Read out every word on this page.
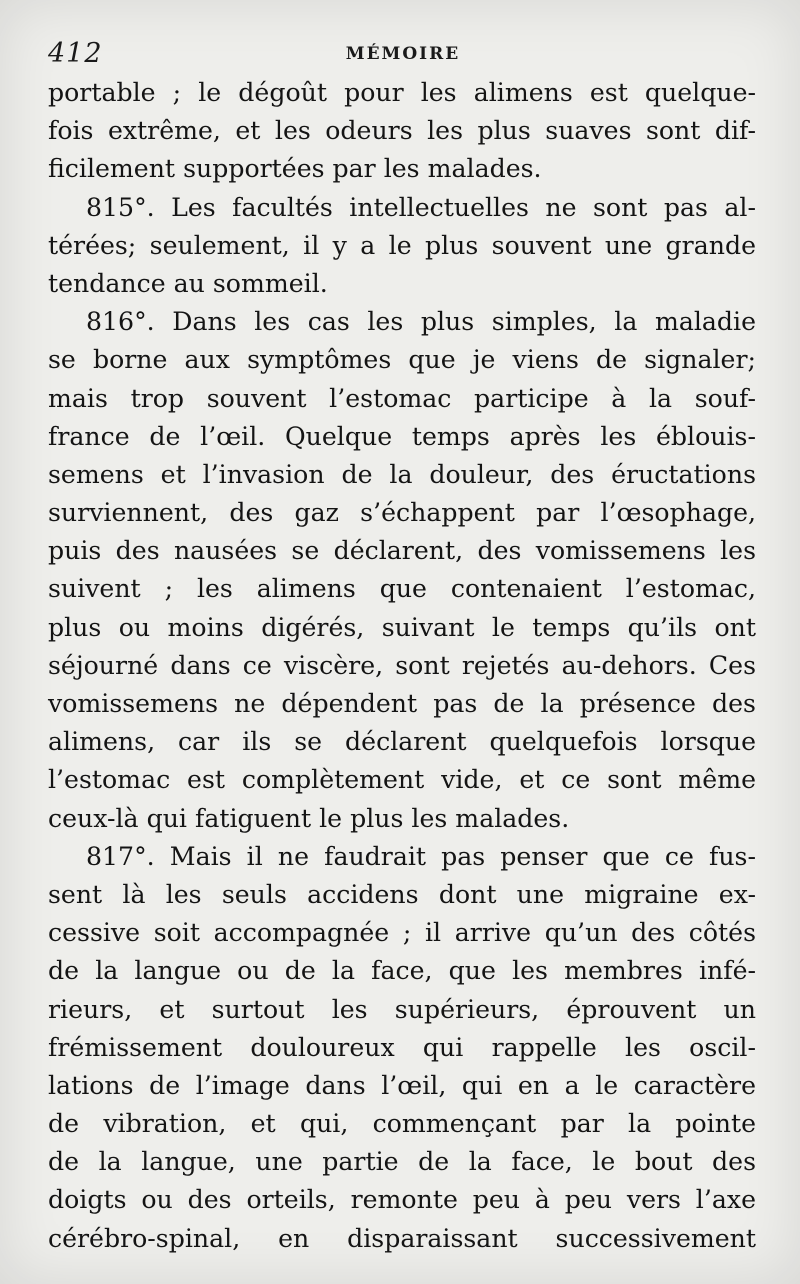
412	MÉMOIRE
portable ; le dégoût pour les alimens est quelque-
fois extrême, et les odeurs les plus suaves sont dif-
ficilement supportées par les malades.
815°. Les facultés intellectuelles ne sont pas al-
térées; seulement, il y a le plus souvent une grande
tendance au sommeil.
816°. Dans les cas les plus simples, la maladie
se borne aux symptômes que je viens de signaler;
mais trop souvent l’estomac participe à la souf-
france de l’œil. Quelque temps après les éblouis-
semens et l’invasion de la douleur, des éructations
surviennent, des gaz s’échappent par l’œsophage,
puis des nausées se déclarent, des vomissemens les
suivent ; les alimens que contenaient l’estomac,
plus ou moins digérés, suivant le temps qu’ils ont
séjourné dans ce viscère, sont rejetés au-dehors. Ces
vomissemens ne dépendent pas de la présence des
alimens, car ils se déclarent quelquefois lorsque
l’estomac est complètement vide, et ce sont même
ceux-là qui fatiguent le plus les malades.
817°. Mais il ne faudrait pas penser que ce fus-
sent là les seuls accidens dont une migraine ex-
cessive soit accompagnée ; il arrive qu’un des côtés
de la langue ou de la face, que les membres infé-
rieurs, et surtout les supérieurs, éprouvent un
frémissement douloureux qui rappelle les oscil-
lations de l’image dans l’œil, qui en a le caractère
de vibration, et qui, commençant par la pointe
de la langue, une partie de la face, le bout des
doigts ou des orteils, remonte peu à peu vers l’axe
cérébro-spinal, en disparaissant successivement
